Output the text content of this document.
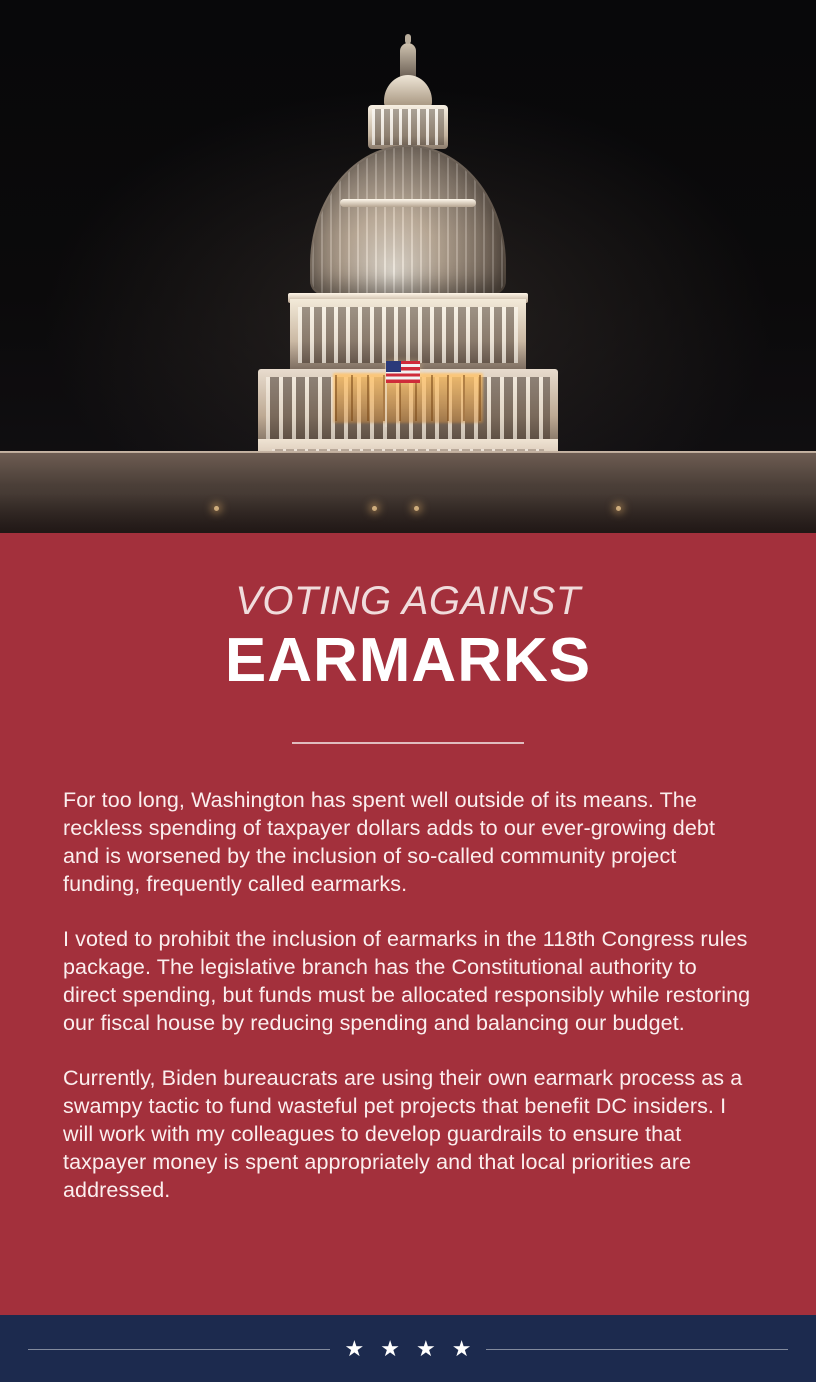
VOTING AGAINST
EARMARKS

For too long, Washington has spent well outside of its means. The reckless spending of taxpayer dollars adds to our ever-growing debt and is worsened by the inclusion of so-called community project funding, frequently called earmarks.

I voted to prohibit the inclusion of earmarks in the 118th Congress rules package. The legislative branch has the Constitutional authority to direct spending, but funds must be allocated responsibly while restoring our fiscal house by reducing spending and balancing our budget.

Currently, Biden bureaucrats are using their own earmark process as a swampy tactic to fund wasteful pet projects that benefit DC insiders. I will work with my colleagues to develop guardrails to ensure that taxpayer money is spent appropriately and that local priorities are addressed.

★ ★ ★ ★
